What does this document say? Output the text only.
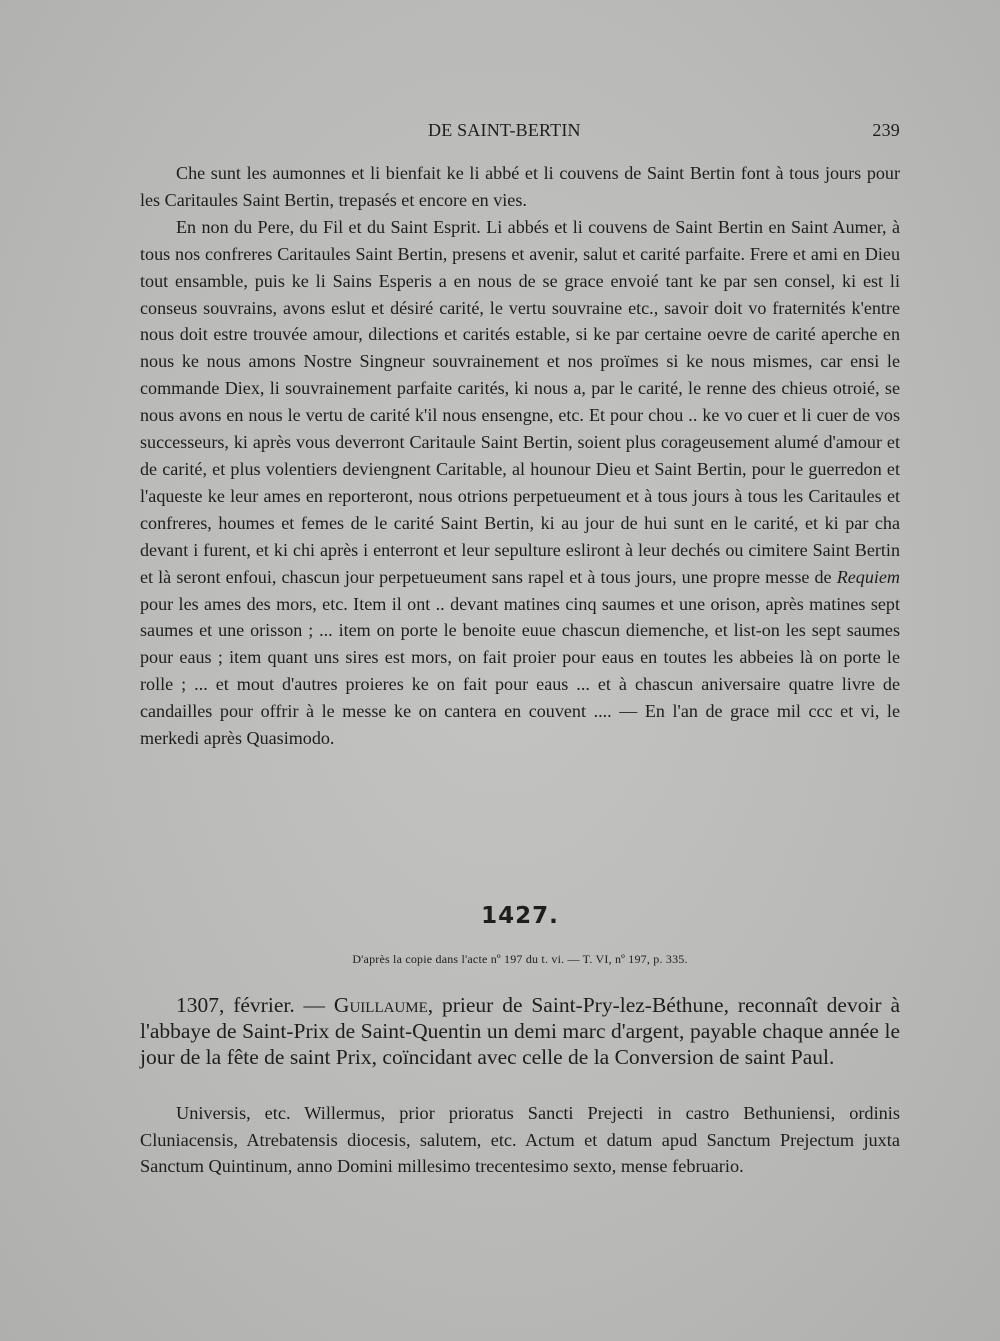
DE SAINT-BERTIN	239

Che sunt les aumonnes et li bienfait ke li abbé et li couvens de Saint Bertin font à tous jours pour les Caritaules Saint Bertin, trepasés et encore en vies.

En non du Pere, du Fil et du Saint Esprit. Li abbés et li couvens de Saint Bertin en Saint Aumer, à tous nos confreres Caritaules Saint Bertin, presens et avenir, salut et carité parfaite. Frere et ami en Dieu tout ensamble, puis ke li Sains Esperis a en nous de se grace envoié tant ke par sen consel, ki est li conseus souvrains, avons eslut et désiré carité, le vertu souvraine etc., savoir doit vo fraternités k'entre nous doit estre trouvée amour, dilections et carités estable, si ke par certaine oevre de carité aperche en nous ke nous amons Nostre Singneur souvrainement et nos proïmes si ke nous mismes, car ensi le commande Diex, li souvrainement parfaite carités, ki nous a, par le carité, le renne des chieus otroié, se nous avons en nous le vertu de carité k'il nous ensengne, etc. Et pour chou .. ke vo cuer et li cuer de vos successeurs, ki après vous deverront Caritaule Saint Bertin, soient plus corageusement alumé d'amour et de carité, et plus volentiers deviengnent Caritable, al hounour Dieu et Saint Bertin, pour le guerredon et l'aqueste ke leur ames en reporteront, nous otrions perpetueument et à tous jours à tous les Caritaules et confreres, houmes et femes de le carité Saint Bertin, ki au jour de hui sunt en le carité, et ki par cha devant i furent, et ki chi après i enterront et leur sepulture esliront à leur dechés ou cimitere Saint Bertin et là seront enfoui, chascun jour perpetueument sans rapel et à tous jours, une propre messe de Requiem pour les ames des mors, etc. Item il ont .. devant matines cinq saumes et une orison, après matines sept saumes et une orisson ; ... item on porte le benoite euue chascun diemenche, et list-on les sept saumes pour eaus ; item quant uns sires est mors, on fait proier pour eaus en toutes les abbeies là on porte le rolle ; ... et mout d'autres proieres ke on fait pour eaus ... et à chascun aniversaire quatre livre de candailles pour offrir à le messe ke on cantera en couvent .... — En l'an de grace mil ccc et vi, le merkedi après Quasimodo.

1427.
D'après la copie dans l'acte nº 197 du t. vi. — T. VI, nº 197, p. 335.

1307, février. — Guillaume, prieur de Saint-Pry-lez-Béthune, reconnaît devoir à l'abbaye de Saint-Prix de Saint-Quentin un demi marc d'argent, payable chaque année le jour de la fête de saint Prix, coïncidant avec celle de la Conversion de saint Paul.

Universis, etc. Willermus, prior prioratus Sancti Prejecti in castro Bethuniensi, ordinis Cluniacensis, Atrebatensis diocesis, salutem, etc. Actum et datum apud Sanctum Prejectum juxta Sanctum Quintinum, anno Domini millesimo trecentesimo sexto, mense februario.
